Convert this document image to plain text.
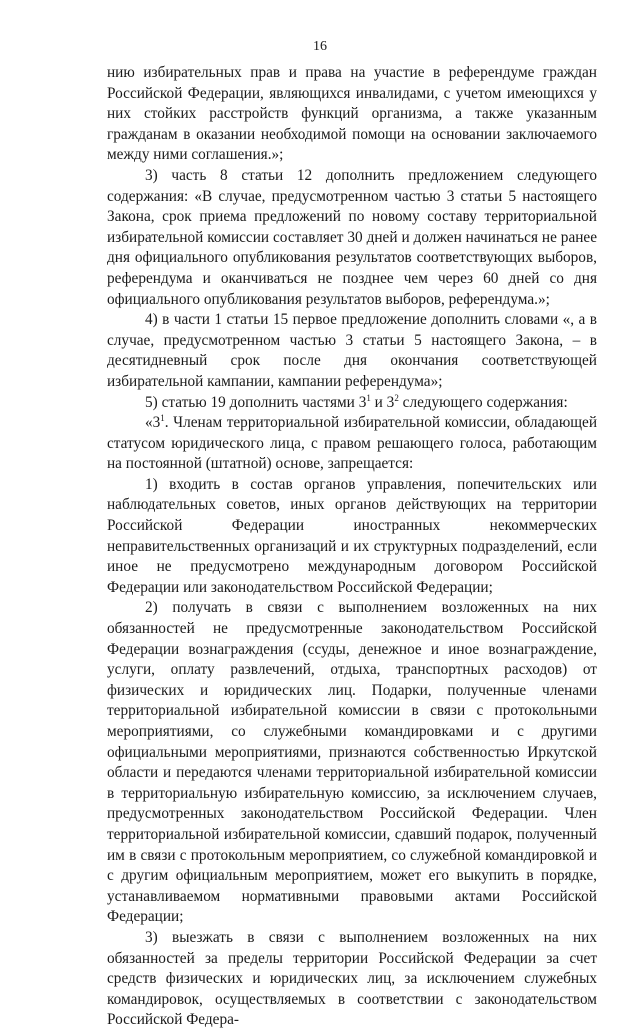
16

нию избирательных прав и права на участие в референдуме граждан Российской Федерации, являющихся инвалидами, с учетом имеющихся у них стойких расстройств функций организма, а также указанным гражданам в оказании необходимой помощи на основании заключаемого между ними соглашения.»;

3) часть 8 статьи 12 дополнить предложением следующего содержания: «В случае, предусмотренном частью 3 статьи 5 настоящего Закона, срок приема предложений по новому составу территориальной избирательной комиссии составляет 30 дней и должен начинаться не ранее дня официального опубликования результатов соответствующих выборов, референдума и оканчиваться не позднее чем через 60 дней со дня официального опубликования результатов выборов, референдума.»;

4) в части 1 статьи 15 первое предложение дополнить словами «, а в случае, предусмотренном частью 3 статьи 5 настоящего Закона, – в десятидневный срок после дня окончания соответствующей избирательной кампании, кампании референдума»;

5) статью 19 дополнить частями $3^1$ и $3^2$ следующего содержания:

«$3^1$. Членам территориальной избирательной комиссии, обладающей статусом юридического лица, с правом решающего голоса, работающим на постоянной (штатной) основе, запрещается:

1) входить в состав органов управления, попечительских или наблюдательных советов, иных органов действующих на территории Российской Федерации иностранных некоммерческих неправительственных организаций и их структурных подразделений, если иное не предусмотрено международным договором Российской Федерации или законодательством Российской Федерации;

2) получать в связи с выполнением возложенных на них обязанностей не предусмотренные законодательством Российской Федерации вознаграждения (ссуды, денежное и иное вознаграждение, услуги, оплату развлечений, отдыха, транспортных расходов) от физических и юридических лиц. Подарки, полученные членами территориальной избирательной комиссии в связи с протокольными мероприятиями, со служебными командировками и с другими официальными мероприятиями, признаются собственностью Иркутской области и передаются членами территориальной избирательной комиссии в территориальную избирательную комиссию, за исключением случаев, предусмотренных законодательством Российской Федерации. Член территориальной избирательной комиссии, сдавший подарок, полученный им в связи с протокольным мероприятием, со служебной командировкой и с другим официальным мероприятием, может его выкупить в порядке, устанавливаемом нормативными правовыми актами Российской Федерации;

3) выезжать в связи с выполнением возложенных на них обязанностей за пределы территории Российской Федерации за счет средств физических и юридических лиц, за исключением служебных командировок, осуществляемых в соответствии с законодательством Российской Федера-
